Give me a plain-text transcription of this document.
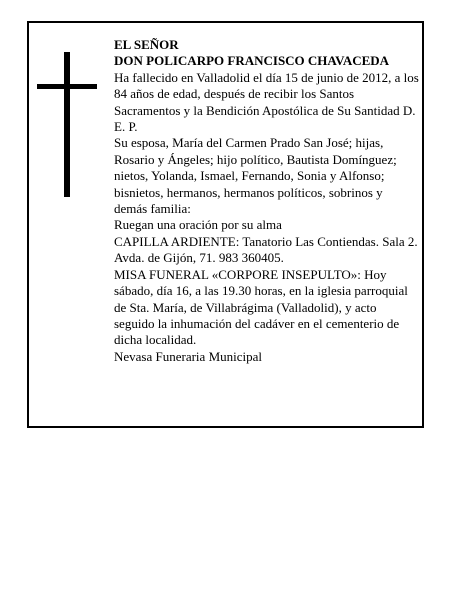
EL SEÑOR

DON POLICARPO FRANCISCO CHAVACEDA

Ha fallecido en Valladolid el día 15 de junio de 2012, a los 84 años de edad, después de recibir los Santos Sacramentos y la Bendición Apostólica de Su Santidad D. E. P.

Su esposa, María del Carmen Prado San José; hijas, Rosario y Ángeles; hijo político, Bautista Domínguez; nietos, Yolanda, Ismael, Fernando, Sonia y Alfonso; bisnietos, hermanos, hermanos políticos, sobrinos y demás familia:

Ruegan una oración por su alma

CAPILLA ARDIENTE: Tanatorio Las Contiendas. Sala 2. Avda. de Gijón, 71. 983 360405.

MISA FUNERAL «CORPORE INSEPULTO»: Hoy sábado, día 16, a las 19.30 horas, en la iglesia parroquial de Sta. María, de Villabrágima (Valladolid), y acto seguido la inhumación del cadáver en el cementerio de dicha localidad.

Nevasa Funeraria Municipal
